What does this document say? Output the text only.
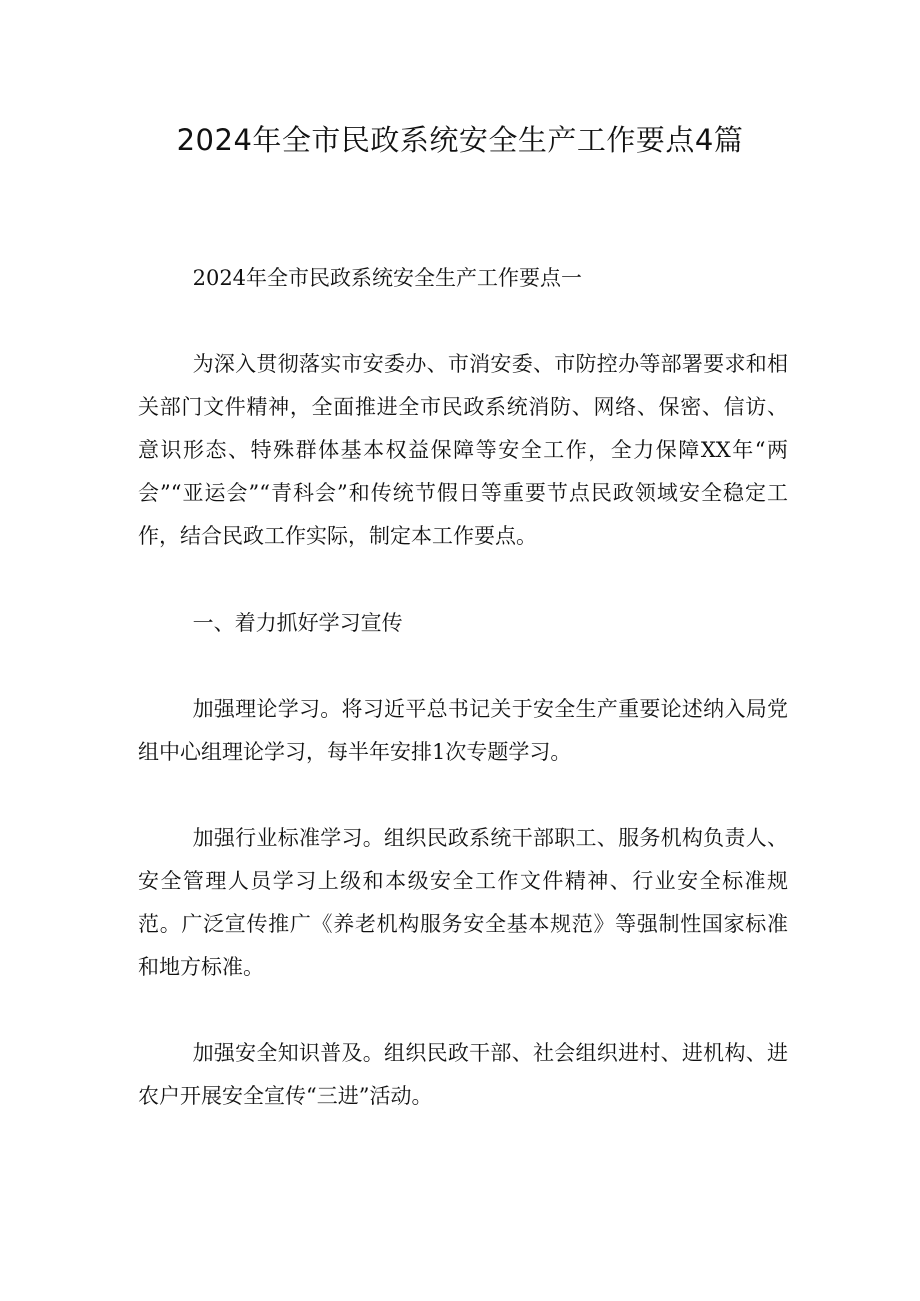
2024年全市民政系统安全生产工作要点4篇

2024年全市民政系统安全生产工作要点一

为深入贯彻落实市安委办、市消安委、市防控办等部署要求和相关部门文件精神，全面推进全市民政系统消防、网络、保密、信访、意识形态、特殊群体基本权益保障等安全工作，全力保障XX年“两会”“亚运会”“青科会”和传统节假日等重要节点民政领域安全稳定工作，结合民政工作实际，制定本工作要点。

一、着力抓好学习宣传

加强理论学习。将习近平总书记关于安全生产重要论述纳入局党组中心组理论学习，每半年安排1次专题学习。

加强行业标准学习。组织民政系统干部职工、服务机构负责人、安全管理人员学习上级和本级安全工作文件精神、行业安全标准规范。广泛宣传推广《养老机构服务安全基本规范》等强制性国家标准和地方标准。

加强安全知识普及。组织民政干部、社会组织进村、进机构、进农户开展安全宣传“三进”活动。
